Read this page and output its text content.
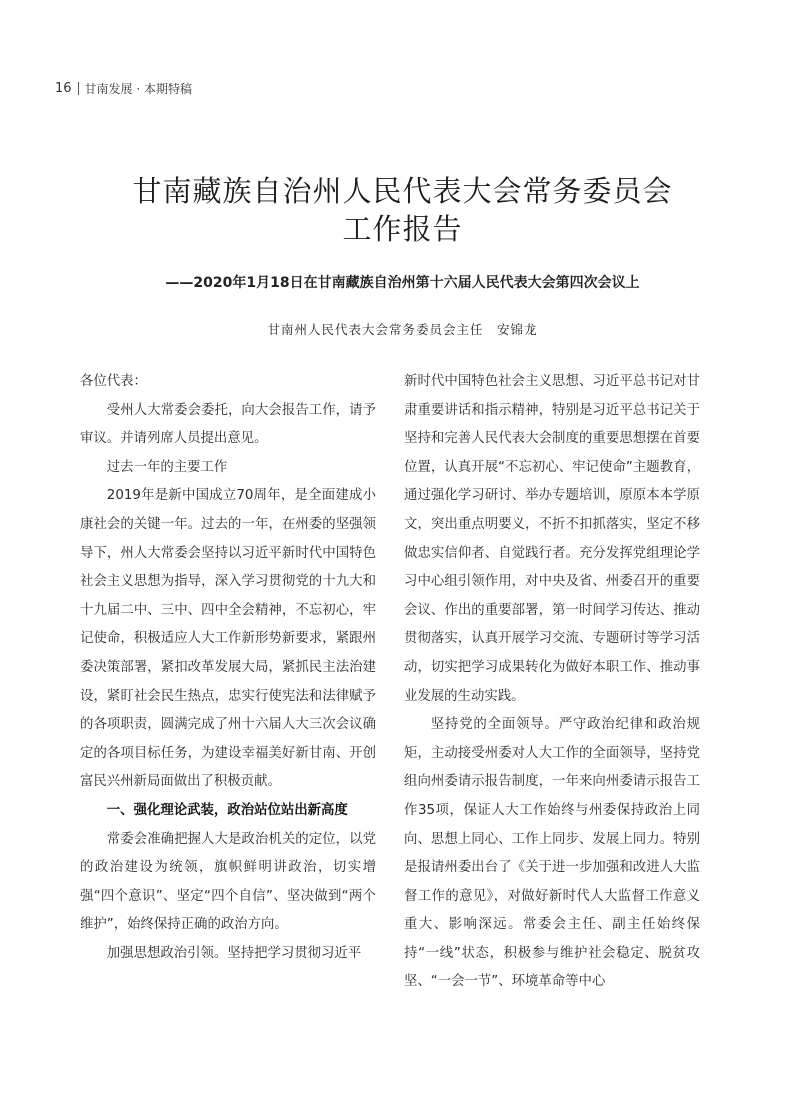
16 甘南发展 · 本期特稿
甘南藏族自治州人民代表大会常务委员会
工作报告
——2020年1月18日在甘南藏族自治州第十六届人民代表大会第四次会议上
甘南州人民代表大会常务委员会主任　安锦龙

各位代表：

受州人大常委会委托，向大会报告工作，请予审议。并请列席人员提出意见。

过去一年的主要工作

2019年是新中国成立70周年，是全面建成小康社会的关键一年。过去的一年，在州委的坚强领导下，州人大常委会坚持以习近平新时代中国特色社会主义思想为指导，深入学习贯彻党的十九大和十九届二中、三中、四中全会精神，不忘初心，牢记使命，积极适应人大工作新形势新要求，紧跟州委决策部署，紧扣改革发展大局，紧抓民主法治建设，紧盯社会民生热点，忠实行使宪法和法律赋予的各项职责，圆满完成了州十六届人大三次会议确定的各项目标任务，为建设幸福美好新甘南、开创富民兴州新局面做出了积极贡献。

一、强化理论武装，政治站位站出新高度

常委会准确把握人大是政治机关的定位，以党的政治建设为统领，旗帜鲜明讲政治，切实增强“四个意识”、坚定“四个自信”、坚决做到“两个维护”，始终保持正确的政治方向。

加强思想政治引领。坚持把学习贯彻习近平

新时代中国特色社会主义思想、习近平总书记对甘肃重要讲话和指示精神，特别是习近平总书记关于坚持和完善人民代表大会制度的重要思想摆在首要位置，认真开展“不忘初心、牢记使命”主题教育，通过强化学习研讨、举办专题培训，原原本本学原文，突出重点明要义，不折不扣抓落实，坚定不移做忠实信仰者、自觉践行者。充分发挥党组理论学习中心组引领作用，对中央及省、州委召开的重要会议、作出的重要部署，第一时间学习传达、推动贯彻落实，认真开展学习交流、专题研讨等学习活动，切实把学习成果转化为做好本职工作、推动事业发展的生动实践。

坚持党的全面领导。严守政治纪律和政治规矩，主动接受州委对人大工作的全面领导，坚持党组向州委请示报告制度，一年来向州委请示报告工作35项，保证人大工作始终与州委保持政治上同向、思想上同心、工作上同步、发展上同力。特别是报请州委出台了《关于进一步加强和改进人大监督工作的意见》，对做好新时代人大监督工作意义重大、影响深远。常委会主任、副主任始终保持“一线”状态，积极参与维护社会稳定、脱贫攻坚、“一会一节”、环境革命等中心
